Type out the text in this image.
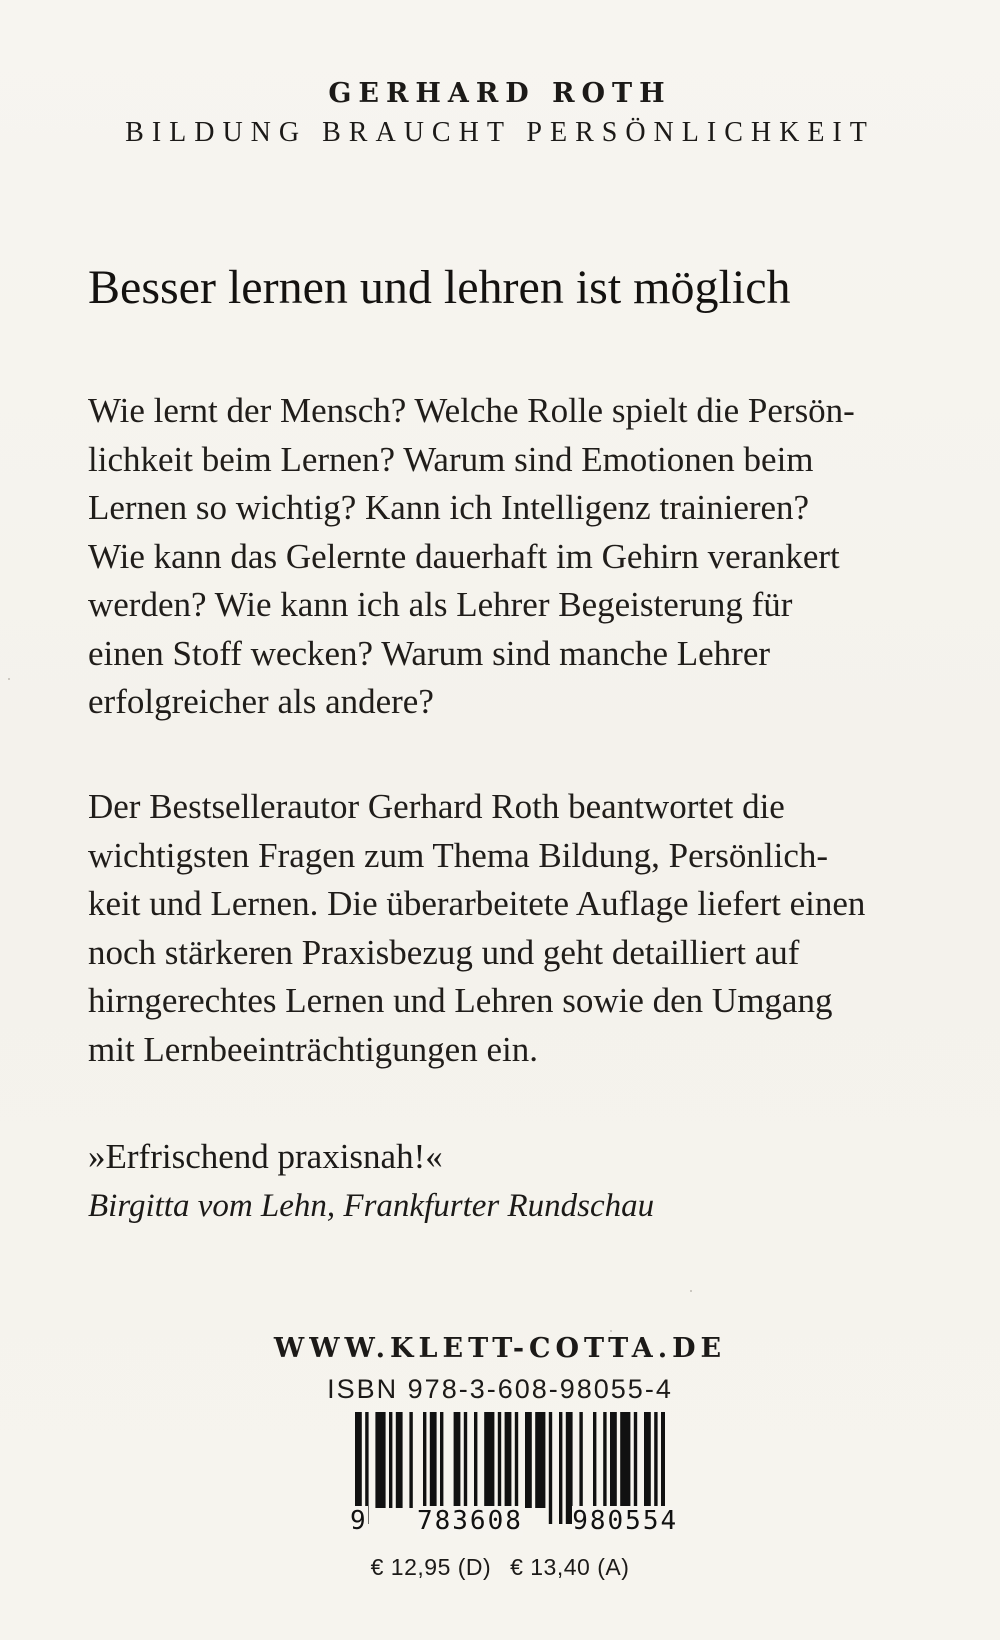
GERHARD ROTH
BILDUNG BRAUCHT PERSÖNLICHKEIT
Besser lernen und lehren ist möglich
Wie lernt der Mensch? Welche Rolle spielt die Persön-
lichkeit beim Lernen? Warum sind Emotionen beim
Lernen so wichtig? Kann ich Intelligenz trainieren?
Wie kann das Gelernte dauerhaft im Gehirn verankert
werden? Wie kann ich als Lehrer Begeisterung für
einen Stoff wecken? Warum sind manche Lehrer
erfolgreicher als andere?
Der Bestsellerautor Gerhard Roth beantwortet die
wichtigsten Fragen zum Thema Bildung, Persönlich-
keit und Lernen. Die überarbeitete Auflage liefert einen
noch stärkeren Praxisbezug und geht detailliert auf
hirngerechtes Lernen und Lehren sowie den Umgang
mit Lernbeeinträchtigungen ein.
»Erfrischend praxisnah!«
Birgitta vom Lehn, Frankfurter Rundschau
WWW.KLETT-COTTA.DE
ISBN 978-3-608-98055-4
9 783608 980554
€ 12,95 (D) € 13,40 (A)
